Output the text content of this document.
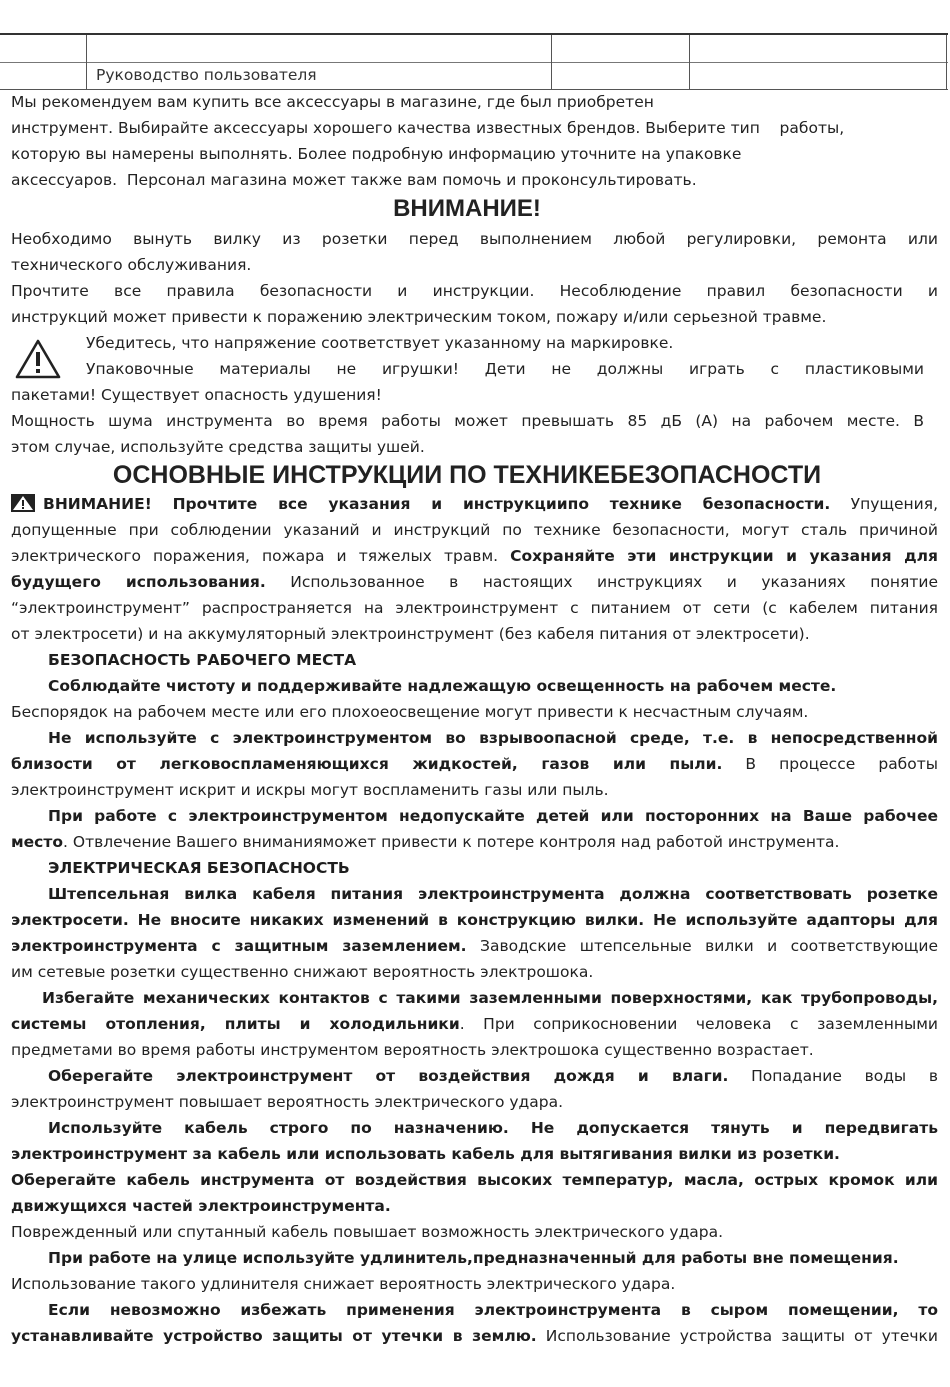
Руководство пользователя
Мы рекомендуем вам купить все аксессуары в магазине, где был приобретен
инструмент. Выбирайте аксессуары хорошего качества известных брендов. Выберите тип    работы,
которую вы намерены выполнять. Более подробную информацию уточните на упаковке
аксессуаров.  Персонал магазина может также вам помочь и проконсультировать.
ВНИМАНИЕ!
Необходимо вынуть вилку из розетки перед выполнением любой регулировки, ремонта или
технического обслуживания.
Прочтите все правила безопасности и инструкции. Несоблюдение правил безопасности и
инструкций может привести к поражению электрическим током, пожару и/или серьезной травме.
Убедитесь, что напряжение соответствует указанному на маркировке.
Упаковочные материалы не игрушки! Дети не должны играть с пластиковыми
пакетами! Существует опасность удушения!
Мощность шума инструмента во время работы может превышать 85 дБ (А) на рабочем месте. В
этом случае, используйте средства защиты ушей.
ОСНОВНЫЕ ИНСТРУКЦИИ ПО ТЕХНИКЕБЕЗОПАСНОСТИ
ВНИМАНИЕ! Прочтите все указания и инструкциипо технике безопасности. Упущения,
допущенные при соблюдении указаний и инструкций по технике безопасности, могут сталь причиной
электрического поражения, пожара и тяжелых травм. Сохраняйте эти инструкции и указания для
будущего использования. Использованное в настоящих инструкциях и указаниях понятие
“электроинструмент” распространяется на электроинструмент с питанием от сети (с кабелем питания
от электросети) и на аккумуляторный электроинструмент (без кабеля питания от электросети).
БЕЗОПАСНОСТЬ РАБОЧЕГО МЕСТА
Соблюдайте чистоту и поддерживайте надлежащую освещенность на рабочем месте.
Беспорядок на рабочем месте или его плохоеосвещение могут привести к несчастным случаям.
Не используйте с электроинструментом во взрывоопасной среде, т.е. в непосредственной
близости от легковоспламеняющихся жидкостей, газов или пыли. В процессе работы
электроинструмент искрит и искры могут воспламенить газы или пыль.
При работе с электроинструментом недопускайте детей или посторонних на Ваше рабочее
место. Отвлечение Вашего вниманияможет привести к потере контроля над работой инструмента.
ЭЛЕКТРИЧЕСКАЯ БЕЗОПАСНОСТЬ
Штепсельная вилка кабеля питания электроинструмента должна соответствовать розетке
электросети. Не вносите никаких изменений в конструкцию вилки. Не используйте адапторы для
электроинструмента с защитным заземлением. Заводские штепсельные вилки и соответствующие
им сетевые розетки существенно снижают вероятность электрошока.
Избегайте механических контактов с такими заземленными поверхностями, как трубопроводы,
системы отопления, плиты и холодильники. При соприкосновении человека с заземленными
предметами во время работы инструментом вероятность электрошока существенно возрастает.
Оберегайте электроинструмент от воздействия дождя и влаги. Попадание воды в
электроинструмент повышает вероятность электрического удара.
Используйте кабель строго по назначению. Не допускается тянуть и передвигать
электроинструмент за кабель или использовать кабель для вытягивания вилки из розетки.
Оберегайте кабель инструмента от воздействия высоких температур, масла, острых кромок или
движущихся частей электроинструмента.
Поврежденный или спутанный кабель повышает возможность электрического удара.
При работе на улице используйте удлинитель,предназначенный для работы вне помещения.
Использование такого удлинителя снижает вероятность электрического удара.
Если невозможно избежать применения электроинструмента в сыром помещении, то
устанавливайте устройство защиты от утечки в землю. Использование устройства защиты от утечки
